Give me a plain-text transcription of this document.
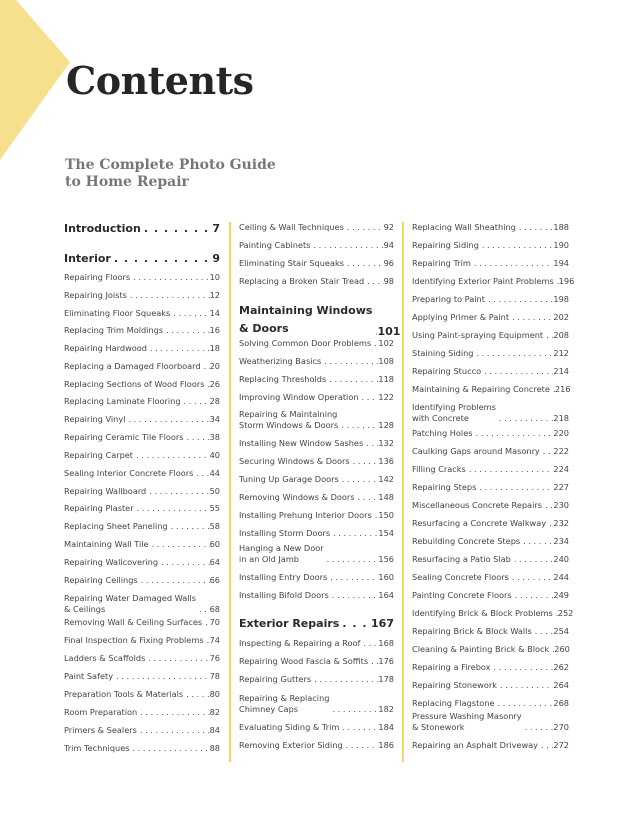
Contents
The Complete Photo Guide to Home Repair
Introduction . . .	7
Interior . . .	9
Repairing Floors . . .	10
Repairing Joists . . .	12
Eliminating Floor Squeaks . . .	14
Replacing Trim Moldings . . .	16
Repairing Hardwood . . .	18
Replacing a Damaged Floorboard . . . 20
Replacing Sections of Wood Floors . . . 26
Replacing Laminate Flooring . . .	28
Repairing Vinyl . . .	34
Repairing Ceramic Tile Floors . . .	38
Repairing Carpet . . .	40
Sealing Interior Concrete Floors . . . 44
Repairing Wallboard . . .	50
Repairing Plaster . . .	55
Replacing Sheet Paneling . . .	58
Maintaining Wall Tile . . .	60
Repairing Wallcovering . . .	64
Repairing Ceilings . . .	66
Repairing Water Damaged Walls
& Ceilings . . .	68
Removing Wall & Ceiling Surfaces . . . 70
Final Inspection & Fixing Problems . . . 74
Ladders & Scaffolds . . .	76
Paint Safety . . .	78
Preparation Tools & Materials . . .	80
Room Preparation . . .	82
Primers & Sealers . . .	84
Trim Techniques . . .	88
Ceiling & Wall Techniques . . .	92
Painting Cabinets . . .	94
Eliminating Stair Squeaks . . .	96
Replacing a Broken Stair Tread . . . 98
Maintaining Windows
& Doors . . .	101
Solving Common Door Problems . . . 102
Weatherizing Basics . . .	108
Replacing Thresholds . . .	118
Improving Window Operation . . . 122
Repairing & Maintaining
Storm Windows & Doors . . .	128
Installing New Window Sashes . . . 132
Securing Windows & Doors . . .	136
Tuning Up Garage Doors . . .	142
Removing Windows & Doors . . .	148
Installing Prehung Interior Doors . . . 150
Installing Storm Doors . . .	154
Hanging a New Door
in an Old Jamb . . .	156
Installing Entry Doors . . .	160
Installing Bifold Doors . . .	164
Exterior Repairs . . .	167
Inspecting & Repairing a Roof . . . 168
Repairing Wood Fascia & Soffits . . . 176
Repairing Gutters . . .	178
Repairing & Replacing
Chimney Caps . . .	182
Evaluating Siding & Trim . . .	184
Removing Exterior Siding . . .	186
Replacing Wall Sheathing . . .	188
Repairing Siding . . .	190
Repairing Trim . . .	194
Identifying Exterior Paint Problems . . . 196
Preparing to Paint . . .	198
Applying Primer & Paint . . .	202
Using Paint-spraying Equipment . . . 208
Staining Siding . . .	212
Repairing Stucco . . .	214
Maintaining & Repairing Concrete . . . 216
Identifying Problems
with Concrete . . .	218
Patching Holes . . .	220
Caulking Gaps around Masonry . . . 222
Filling Cracks . . .	224
Repairing Steps . . .	227
Miscellaneous Concrete Repairs . . . 230
Resurfacing a Concrete Walkway . . . 232
Rebuilding Concrete Steps . . .	234
Resurfacing a Patio Slab . . .	240
Sealing Concrete Floors . . .	244
Painting Concrete Floors . . .	249
Identifying Brick & Block Problems . . . 252
Repairing Brick & Block Walls . . .	254
Cleaning & Painting Brick & Block . . . 260
Repairing a Firebox . . .	262
Repairing Stonework . . .	264
Replacing Flagstone . . .	268
Pressure Washing Masonry
& Stonework . . .	270
Repairing an Asphalt Driveway . . . 272
